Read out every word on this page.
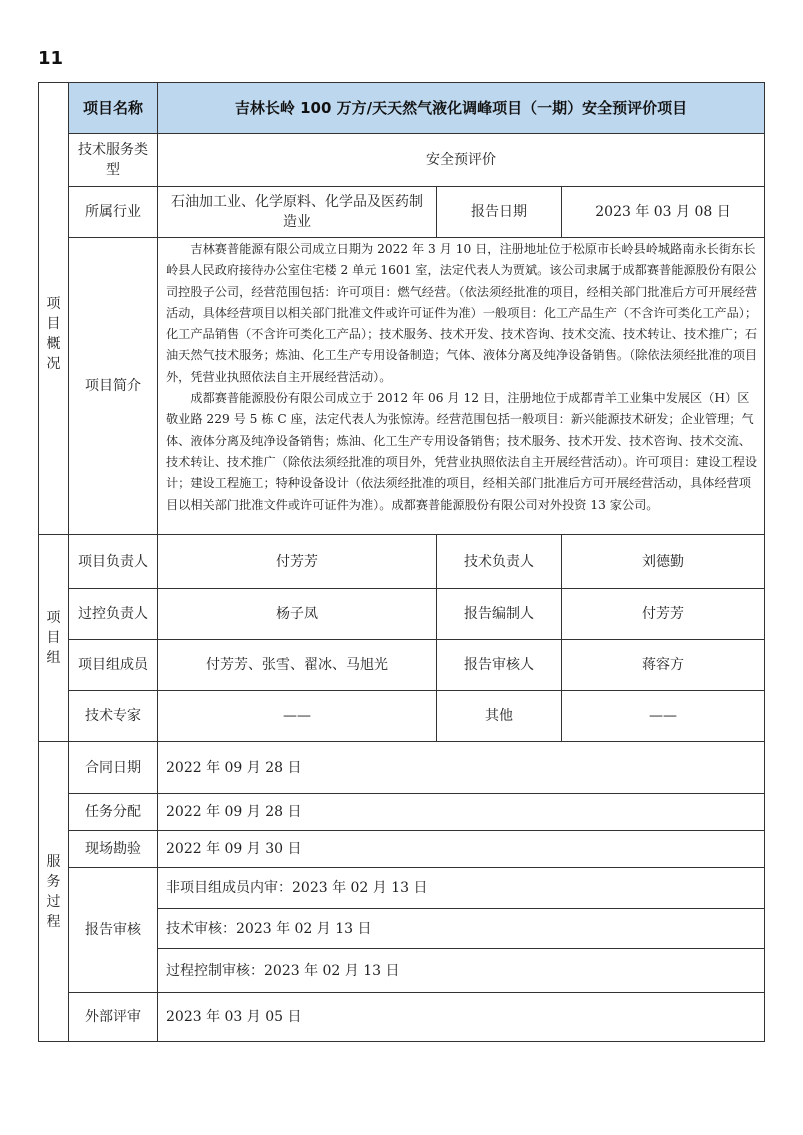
11
	项目名称	吉林长岭 100 万方/天天然气液化调峰项目（一期）安全预评价项目		

项
目
概
况	技术服务类型	安全预评价		
	所属行业	石油加工业、化学原料、化学品及医药制造业	报告日期	2023 年 03 月 08 日
	项目简介	吉林赛普能源有限公司成立日期为 2022 年 3 月 10 日，注册地址位于松原市长岭县岭城路南永长街东长岭县人民政府接待办公室住宅楼 2 单元 1601 室，法定代表人为贾斌。该公司隶属于成都赛普能源股份有限公司控股子公司，经营范围包括：许可项目：燃气经营。（依法须经批准的项目，经相关部门批准后方可开展经营活动，具体经营项目以相关部门批准文件或许可证件为准）一般项目：化工产品生产（不含许可类化工产品）；化工产品销售（不含许可类化工产品）；技术服务、技术开发、技术咨询、技术交流、技术转让、技术推广；石油天然气技术服务；炼油、化工生产专用设备制造；气体、液体分离及纯净设备销售。（除依法须经批准的项目外，凭营业执照依法自主开展经营活动）。

成都赛普能源股份有限公司成立于 2012 年 06 月 12 日，注册地位于成都青羊工业集中发展区（H）区敬业路 229 号 5 栋 C 座，法定代表人为张惊涛。经营范围包括一般项目：新兴能源技术研发；企业管理；气体、液体分离及纯净设备销售；炼油、化工生产专用设备销售；技术服务、技术开发、技术咨询、技术交流、技术转让、技术推广（除依法须经批准的项目外，凭营业执照依法自主开展经营活动）。许可项目：建设工程设计；建设工程施工；特种设备设计（依法须经批准的项目，经相关部门批准后方可开展经营活动，具体经营项目以相关部门批准文件或许可证件为准）。成都赛普能源股份有限公司对外投资 13 家公司。		

项
目
组	项目负责人	付芳芳	技术负责人	刘德勤
	过控负责人	杨子凤	报告编制人	付芳芳
	项目组成员	付芳芳、张雪、翟冰、马旭光	报告审核人	蒋容方
	技术专家	——	其他	——

服
务
过
程	合同日期	2022 年 09 月 28 日		
	任务分配	2022 年 09 月 28 日		
	现场勘验	2022 年 09 月 30 日		
	报告审核	非项目组成员内审：2023 年 02 月 13 日		
		技术审核：2023 年 02 月 13 日		
		过程控制审核：2023 年 02 月 13 日		
	外部评审	2023 年 03 月 05 日		
